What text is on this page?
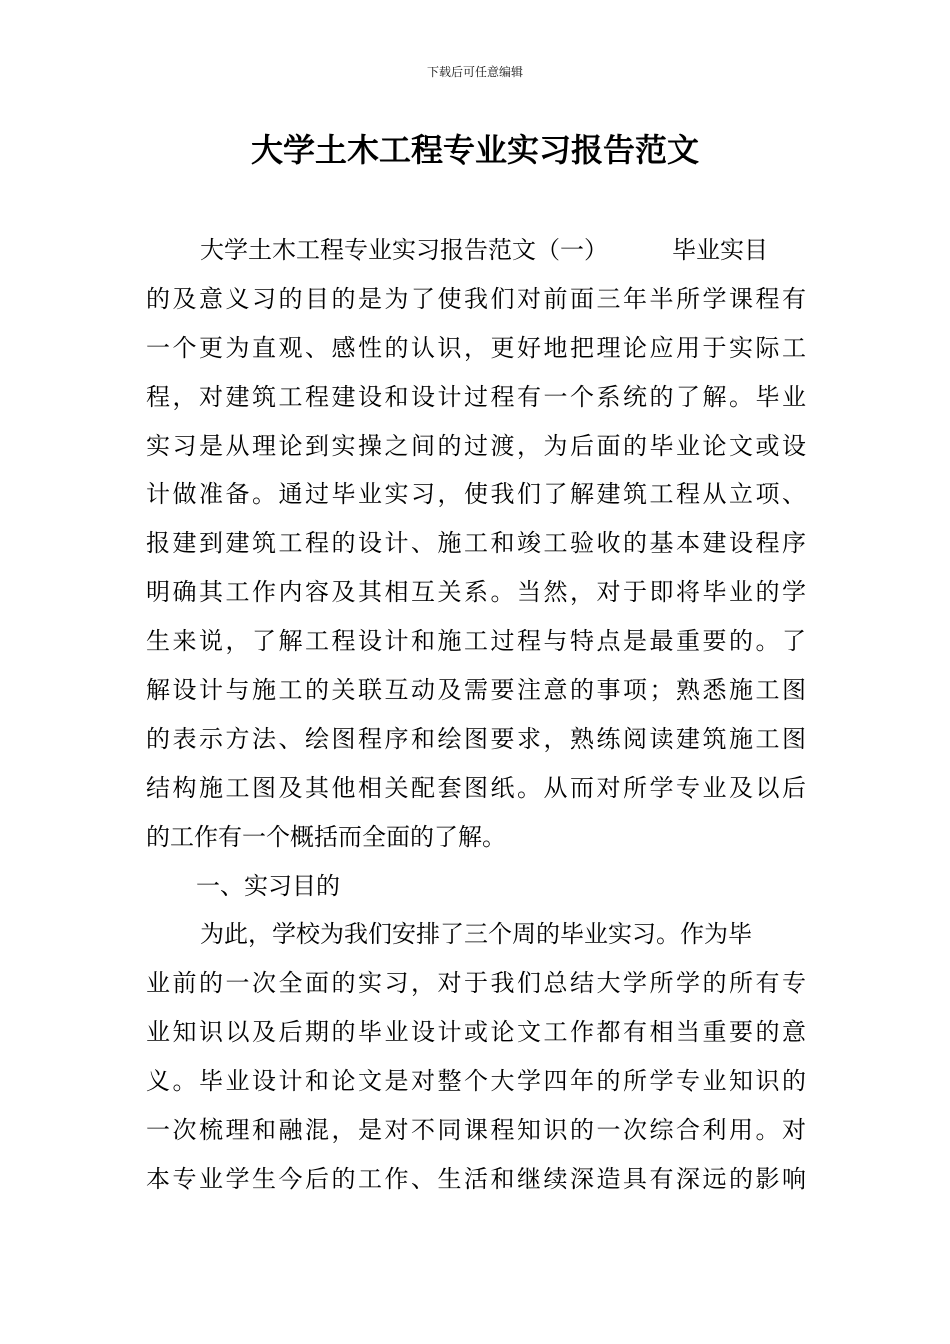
下载后可任意编辑
大学土木工程专业实习报告范文
大学土木工程专业实习报告范文（一）	毕业实目
的及意义习的目的是为了使我们对前面三年半所学课程有
一个更为直观、感性的认识，更好地把理论应用于实际工
程，对建筑工程建设和设计过程有一个系统的了解。毕业
实习是从理论到实操之间的过渡，为后面的毕业论文或设
计做准备。通过毕业实习，使我们了解建筑工程从立项、
报建到建筑工程的设计、施工和竣工验收的基本建设程序
明确其工作内容及其相互关系。当然，对于即将毕业的学
生来说，了解工程设计和施工过程与特点是最重要的。了
解设计与施工的关联互动及需要注意的事项；熟悉施工图
的表示方法、绘图程序和绘图要求，熟练阅读建筑施工图
结构施工图及其他相关配套图纸。从而对所学专业及以后
的工作有一个概括而全面的了解。
一、实习目的
为此，学校为我们安排了三个周的毕业实习。作为毕
业前的一次全面的实习，对于我们总结大学所学的所有专
业知识以及后期的毕业设计或论文工作都有相当重要的意
义。毕业设计和论文是对整个大学四年的所学专业知识的
一次梳理和融混，是对不同课程知识的一次综合利用。对
本专业学生今后的工作、生活和继续深造具有深远的影响
